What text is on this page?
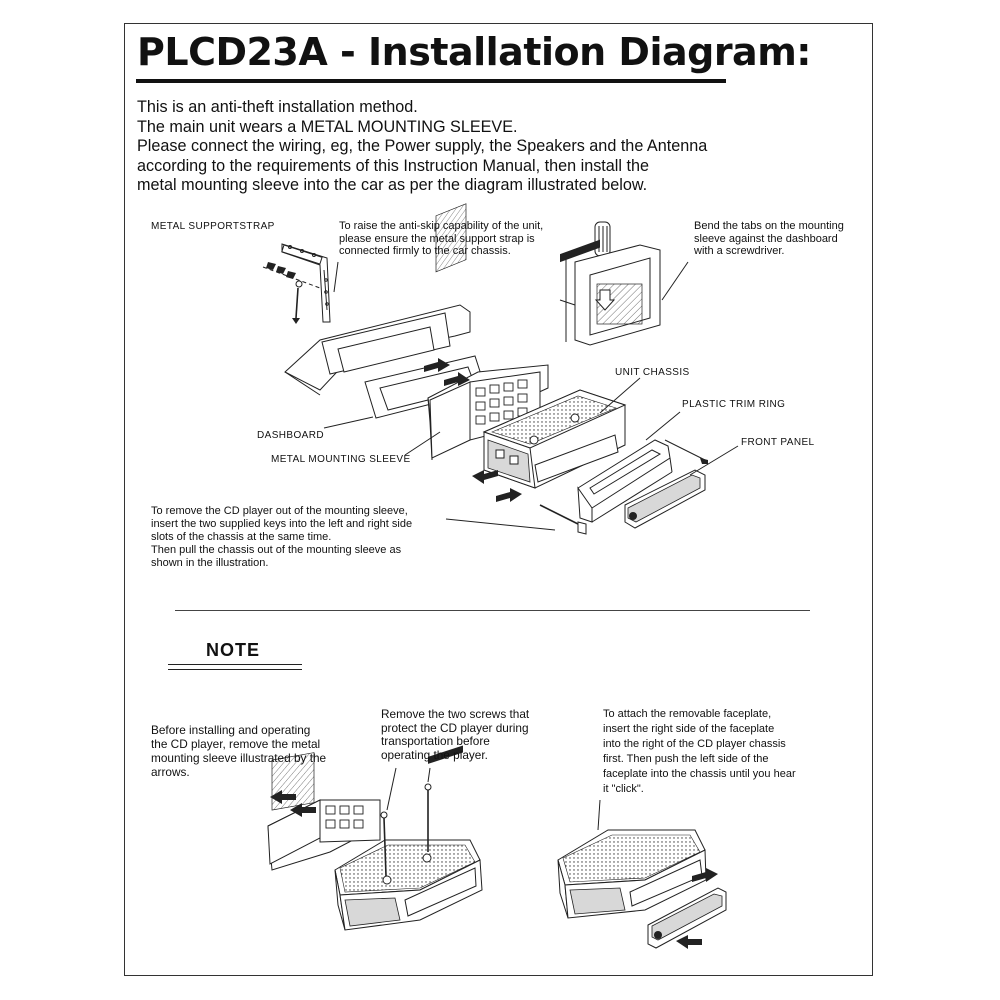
PLCD23A - Installation Diagram:
This is an anti-theft installation method.
The main unit wears a METAL MOUNTING SLEEVE.
Please connect the wiring, eg, the Power supply, the Speakers and the Antenna
according to the requirements of this Instruction Manual, then install the
metal mounting sleeve into the car as per the diagram illustrated below.
METAL SUPPORTSTRAP
DASHBOARD
METAL MOUNTING SLEEVE
UNIT CHASSIS
PLASTIC TRIM RING
FRONT PANEL
To raise the anti-skip capability of the unit,
please ensure the metal support strap is
connected firmly to the car chassis.
Bend the tabs on the mounting
sleeve against the dashboard
with a screwdriver.
To remove the CD player out of the mounting sleeve,
insert the two supplied keys into the left and right side
slots of the chassis at the same time.
Then pull the chassis out of the mounting sleeve as
shown in the illustration.
NOTE
Before installing and operating
the CD player, remove the metal
mounting sleeve illustrated by the
arrows.
Remove the two screws that
protect the CD player during
transportation before
operating the player.
To attach the removable faceplate,
insert the right side of the faceplate
into the right of the CD player chassis
first. Then push the left side of the
faceplate into the chassis until you hear
it "click".
